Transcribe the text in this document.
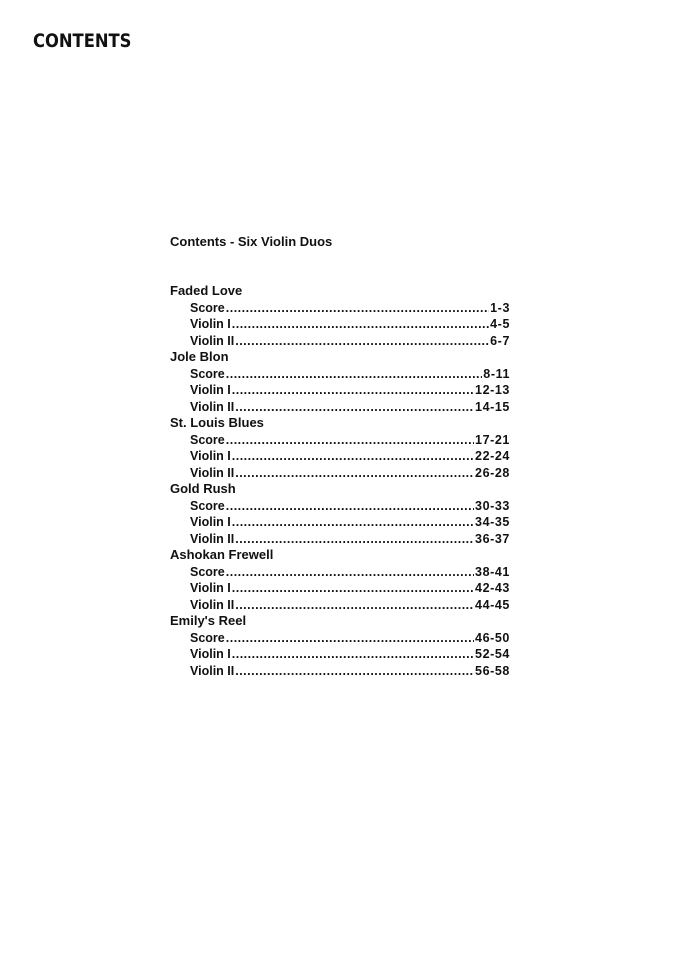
CONTENTS
Contents - Six Violin Duos
Faded Love
Score .....	1-3
Violin I .....	4-5
Violin II .....	6-7
Jole Blon
Score .....	8-11
Violin I .....	12-13
Violin II .....	14-15
St. Louis Blues
Score .....	17-21
Violin I .....	22-24
Violin II .....	26-28
Gold Rush
Score .....	30-33
Violin I .....	34-35
Violin II .....	36-37
Ashokan Frewell
Score .....	38-41
Violin I .....	42-43
Violin II .....	44-45
Emily's Reel
Score .....	46-50
Violin I .....	52-54
Violin II .....	56-58
